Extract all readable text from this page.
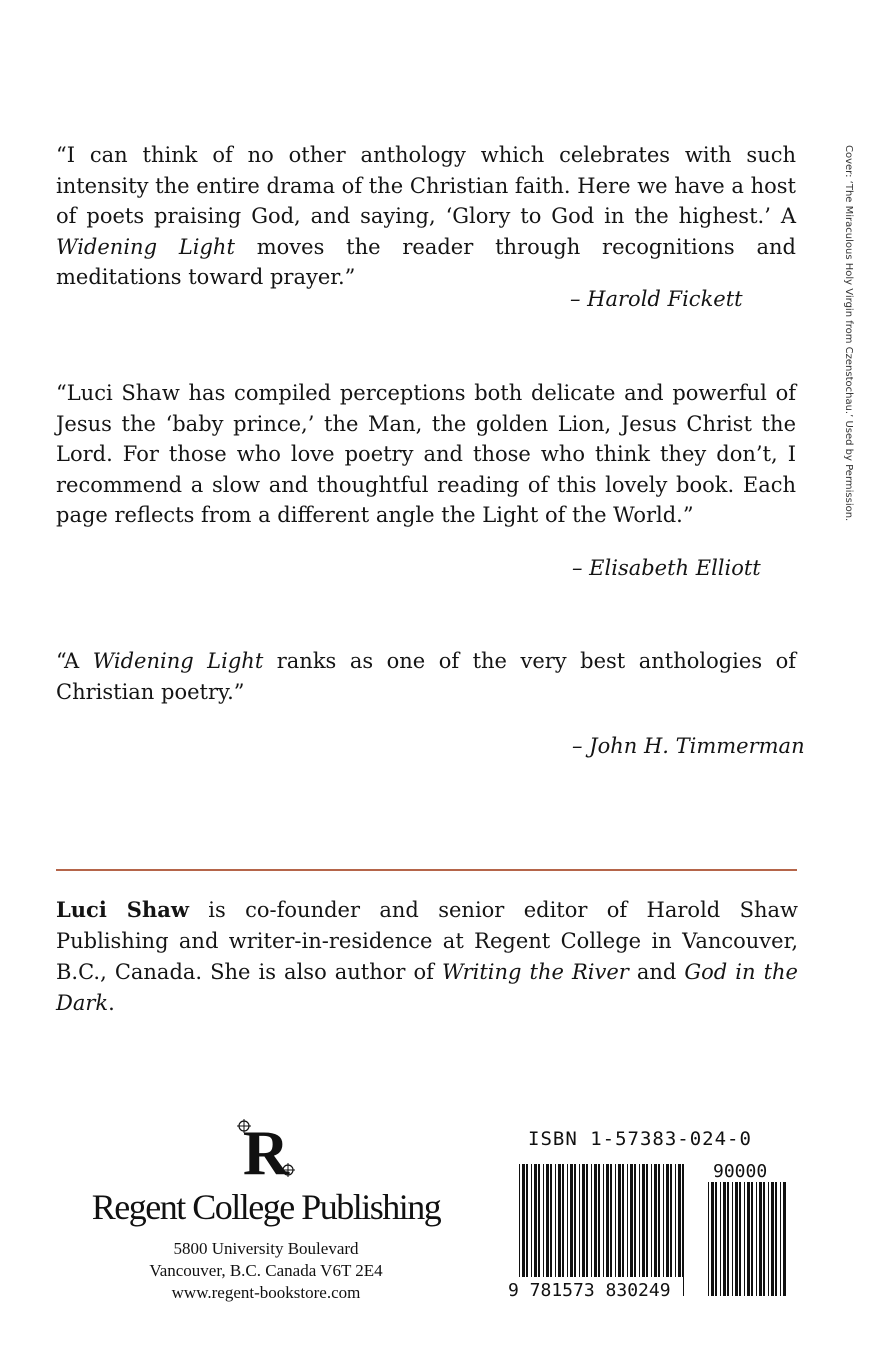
“I can think of no other anthology which celebrates with such intensity the entire drama of the Christian faith. Here we have a host of poets praising God, and saying, ‘Glory to God in the highest.’ A Widening Light moves the reader through recognitions and meditations toward prayer.”

– Harold Fickett

“Luci Shaw has compiled perceptions both delicate and powerful of Jesus the ‘baby prince,’ the Man, the golden Lion, Jesus Christ the Lord. For those who love poetry and those who think they don’t, I recommend a slow and thoughtful reading of this lovely book. Each page reflects from a different angle the Light of the World.”

– Elisabeth Elliott

“A Widening Light ranks as one of the very best anthologies of Christian poetry.”

– John H. Timmerman

Cover: ‘The Miraculous Holy Virgin from Czenstochau.’ Used by Permission.

Luci Shaw is co-founder and senior editor of Harold Shaw Publishing and writer-in-residence at Regent College in Vancouver, B.C., Canada. She is also author of Writing the River and God in the Dark.

R
Regent College Publishing
5800 University Boulevard
Vancouver, B.C. Canada V6T 2E4
www.regent-bookstore.com
ISBN 1-57383-024-0
9 781573 830249
90000
